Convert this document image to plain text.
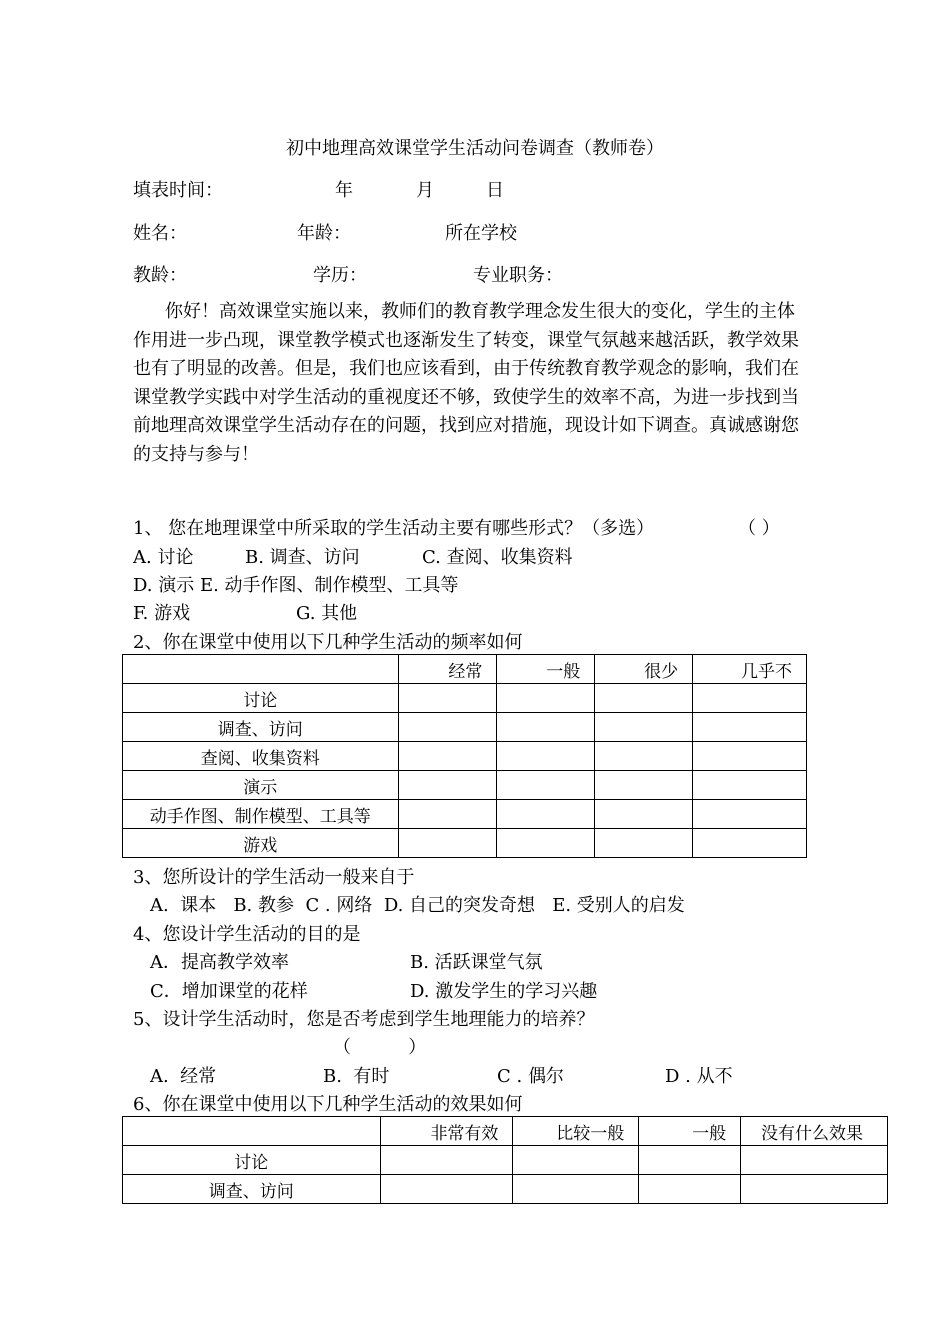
初中地理高效课堂学生活动问卷调查（教师卷）
填表时间：	年	月	日
姓名：	年龄：	所在学校
教龄：	学历：	专业职务：
你好！高效课堂实施以来，教师们的教育教学理念发生很大的变化，学生的主体作用进一步凸现，课堂教学模式也逐渐发生了转变，课堂气氛越来越活跃，教学效果也有了明显的改善。但是，我们也应该看到，由于传统教育教学观念的影响，我们在课堂教学实践中对学生活动的重视度还不够，致使学生的效率不高，为进一步找到当前地理高效课堂学生活动存在的问题，找到应对措施，现设计如下调查。真诚感谢您的支持与参与！
1、 您在地理课堂中所采取的学生活动主要有哪些形式？（多选）	（ ）
A. 讨论	B. 调查、访问	C. 查阅、收集资料
D. 演示 E. 动手作图、制作模型、工具等
F. 游戏	G. 其他
2、你在课堂中使用以下几种学生活动的频率如何
	经常	一般	很少	几乎不
讨论				
调查、访问				
查阅、收集资料				
演示				
动手作图、制作模型、工具等				
游戏				
3、您所设计的学生活动一般来自于
A.  课本   B. 教参  C . 网络  D. 自己的突发奇想   E. 受别人的启发
4、您设计学生活动的目的是
A．提高教学效率	B. 活跃课堂气氛
C．增加课堂的花样	D. 激发学生的学习兴趣
5、设计学生活动时，您是否考虑到学生地理能力的培养？
（          ）
A.  经常	B.  有时	C . 偶尔	D . 从不
6、你在课堂中使用以下几种学生活动的效果如何
	非常有效	比较一般	一般	没有什么效果
讨论				
调查、访问				
